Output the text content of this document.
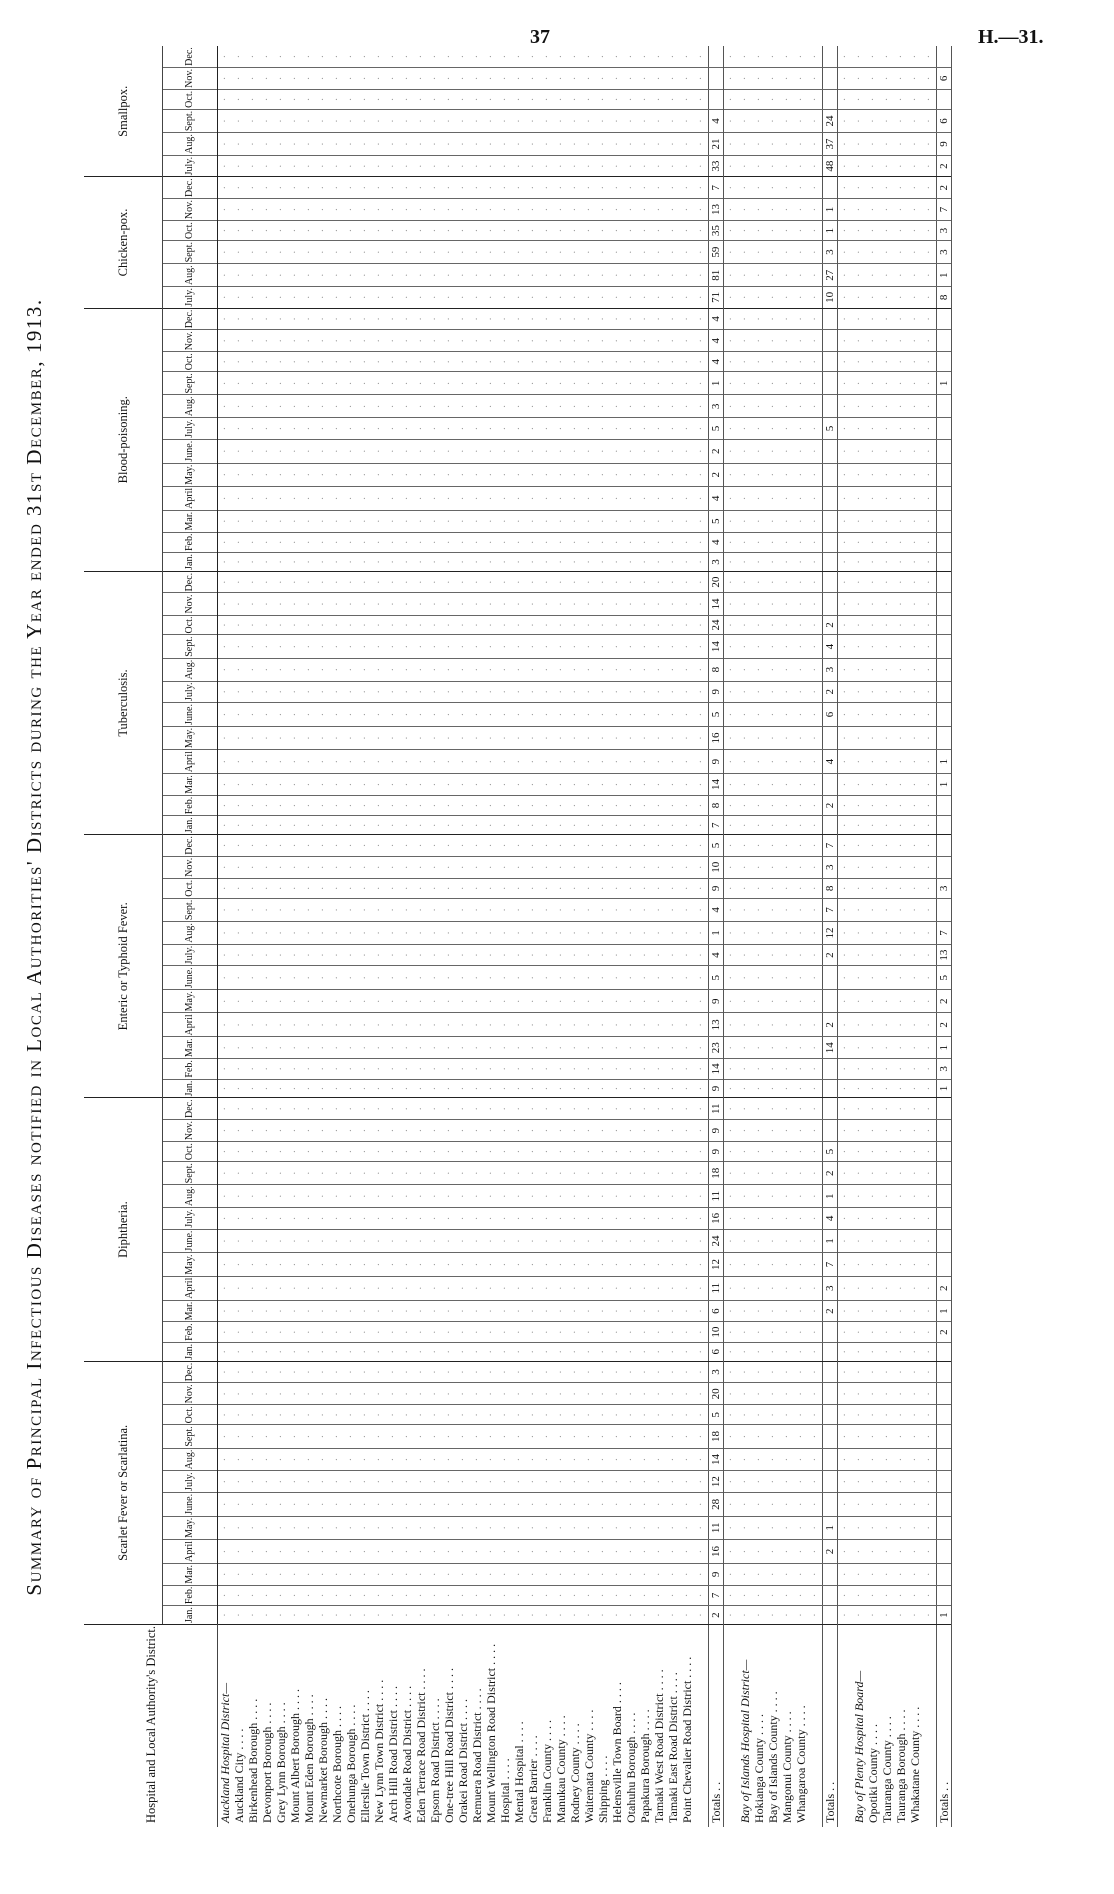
37	H.—31.
Summary of Principal Infectious Diseases notified in Local Authorities' Districts during the Year ended 31st December, 1913.
Hospital and Local Authority's District.	Scarlet Fever or Scarlatina.	Diphtheria.	Enteric or Typhoid Fever.	Tuberculosis.	Blood-poisoning.	Chicken-pox.	Smallpox.
Jan.	Feb.	Mar.	April	May.	June.	July.	Aug.	Sept.	Oct.	Nov.	Dec.	Jan.	Feb.	Mar.	April	May.	June.	July.	Aug.	Sept.	Oct.	Nov.	Dec.	Jan.	Feb.	Mar.	April	May.	June.	July.	Aug.	Sept.	Oct.	Nov.	Dec.	Jan.	Feb.	Mar.	April	May.	June.	July.	Aug.	Sept.	Oct.	Nov.	Dec.	Jan.	Feb.	Mar.	April	May.	June.	July.	Aug.	Sept.	Oct.	Nov.	Dec.	July.	Aug.	Sept.	Oct.	Nov.	Dec.	July.	Aug.	Sept.	Oct.	Nov.	Dec.
Auckland Hospital District—	·	·	·	·	·	·	·	·	·	·	·	·	·	·	·	·	·	·	·	·	·	·	·	·	·	·	·	·	·	·	·	·	·	·	·	·	·	·	·	·	·	·	·	·	·	·	·	·	·	·	·	·	·	·	·	·	·	·	·	·	·	·	·	·	·	·	·	·	·	·	·	·
Auckland City . . . .	·	·	·	·	·	·	·	·	·	·	·	·	·	·	·	·	·	·	·	·	·	·	·	·	·	·	·	·	·	·	·	·	·	·	·	·	·	·	·	·	·	·	·	·	·	·	·	·	·	·	·	·	·	·	·	·	·	·	·	·	·	·	·	·	·	·	·	·	·	·	·	·
Birkenhead Borough . . . .	·	·	·	·	·	·	·	·	·	·	·	·	·	·	·	·	·	·	·	·	·	·	·	·	·	·	·	·	·	·	·	·	·	·	·	·	·	·	·	·	·	·	·	·	·	·	·	·	·	·	·	·	·	·	·	·	·	·	·	·	·	·	·	·	·	·	·	·	·	·	·	·
Devonport Borough . . . .	·	·	·	·	·	·	·	·	·	·	·	·	·	·	·	·	·	·	·	·	·	·	·	·	·	·	·	·	·	·	·	·	·	·	·	·	·	·	·	·	·	·	·	·	·	·	·	·	·	·	·	·	·	·	·	·	·	·	·	·	·	·	·	·	·	·	·	·	·	·	·	·
Grey Lynn Borough . . . .	·	·	·	·	·	·	·	·	·	·	·	·	·	·	·	·	·	·	·	·	·	·	·	·	·	·	·	·	·	·	·	·	·	·	·	·	·	·	·	·	·	·	·	·	·	·	·	·	·	·	·	·	·	·	·	·	·	·	·	·	·	·	·	·	·	·	·	·	·	·	·	·
Mount Albert Borough . . . .	·	·	·	·	·	·	·	·	·	·	·	·	·	·	·	·	·	·	·	·	·	·	·	·	·	·	·	·	·	·	·	·	·	·	·	·	·	·	·	·	·	·	·	·	·	·	·	·	·	·	·	·	·	·	·	·	·	·	·	·	·	·	·	·	·	·	·	·	·	·	·	·
Mount Eden Borough . . . .	·	·	·	·	·	·	·	·	·	·	·	·	·	·	·	·	·	·	·	·	·	·	·	·	·	·	·	·	·	·	·	·	·	·	·	·	·	·	·	·	·	·	·	·	·	·	·	·	·	·	·	·	·	·	·	·	·	·	·	·	·	·	·	·	·	·	·	·	·	·	·	·
Newmarket Borough . . . .	·	·	·	·	·	·	·	·	·	·	·	·	·	·	·	·	·	·	·	·	·	·	·	·	·	·	·	·	·	·	·	·	·	·	·	·	·	·	·	·	·	·	·	·	·	·	·	·	·	·	·	·	·	·	·	·	·	·	·	·	·	·	·	·	·	·	·	·	·	·	·	·
Northcote Borough . . . .	·	·	·	·	·	·	·	·	·	·	·	·	·	·	·	·	·	·	·	·	·	·	·	·	·	·	·	·	·	·	·	·	·	·	·	·	·	·	·	·	·	·	·	·	·	·	·	·	·	·	·	·	·	·	·	·	·	·	·	·	·	·	·	·	·	·	·	·	·	·	·	·
Onehunga Borough . . . .	·	·	·	·	·	·	·	·	·	·	·	·	·	·	·	·	·	·	·	·	·	·	·	·	·	·	·	·	·	·	·	·	·	·	·	·	·	·	·	·	·	·	·	·	·	·	·	·	·	·	·	·	·	·	·	·	·	·	·	·	·	·	·	·	·	·	·	·	·	·	·	·
Ellerslie Town District . . . .	·	·	·	·	·	·	·	·	·	·	·	·	·	·	·	·	·	·	·	·	·	·	·	·	·	·	·	·	·	·	·	·	·	·	·	·	·	·	·	·	·	·	·	·	·	·	·	·	·	·	·	·	·	·	·	·	·	·	·	·	·	·	·	·	·	·	·	·	·	·	·	·
New Lynn Town District . . . .	·	·	·	·	·	·	·	·	·	·	·	·	·	·	·	·	·	·	·	·	·	·	·	·	·	·	·	·	·	·	·	·	·	·	·	·	·	·	·	·	·	·	·	·	·	·	·	·	·	·	·	·	·	·	·	·	·	·	·	·	·	·	·	·	·	·	·	·	·	·	·	·
Arch Hill Road District . . . .	·	·	·	·	·	·	·	·	·	·	·	·	·	·	·	·	·	·	·	·	·	·	·	·	·	·	·	·	·	·	·	·	·	·	·	·	·	·	·	·	·	·	·	·	·	·	·	·	·	·	·	·	·	·	·	·	·	·	·	·	·	·	·	·	·	·	·	·	·	·	·	·
Avondale Road District . . . .	·	·	·	·	·	·	·	·	·	·	·	·	·	·	·	·	·	·	·	·	·	·	·	·	·	·	·	·	·	·	·	·	·	·	·	·	·	·	·	·	·	·	·	·	·	·	·	·	·	·	·	·	·	·	·	·	·	·	·	·	·	·	·	·	·	·	·	·	·	·	·	·
Eden Terrace Road District . . . .	·	·	·	·	·	·	·	·	·	·	·	·	·	·	·	·	·	·	·	·	·	·	·	·	·	·	·	·	·	·	·	·	·	·	·	·	·	·	·	·	·	·	·	·	·	·	·	·	·	·	·	·	·	·	·	·	·	·	·	·	·	·	·	·	·	·	·	·	·	·	·	·
Epsom Road District . . . .	·	·	·	·	·	·	·	·	·	·	·	·	·	·	·	·	·	·	·	·	·	·	·	·	·	·	·	·	·	·	·	·	·	·	·	·	·	·	·	·	·	·	·	·	·	·	·	·	·	·	·	·	·	·	·	·	·	·	·	·	·	·	·	·	·	·	·	·	·	·	·	·
One-tree Hill Road District . . . .	·	·	·	·	·	·	·	·	·	·	·	·	·	·	·	·	·	·	·	·	·	·	·	·	·	·	·	·	·	·	·	·	·	·	·	·	·	·	·	·	·	·	·	·	·	·	·	·	·	·	·	·	·	·	·	·	·	·	·	·	·	·	·	·	·	·	·	·	·	·	·	·
Orakei Road District . . . .	·	·	·	·	·	·	·	·	·	·	·	·	·	·	·	·	·	·	·	·	·	·	·	·	·	·	·	·	·	·	·	·	·	·	·	·	·	·	·	·	·	·	·	·	·	·	·	·	·	·	·	·	·	·	·	·	·	·	·	·	·	·	·	·	·	·	·	·	·	·	·	·
Remuera Road District . . . .	·	·	·	·	·	·	·	·	·	·	·	·	·	·	·	·	·	·	·	·	·	·	·	·	·	·	·	·	·	·	·	·	·	·	·	·	·	·	·	·	·	·	·	·	·	·	·	·	·	·	·	·	·	·	·	·	·	·	·	·	·	·	·	·	·	·	·	·	·	·	·	·
Mount Wellington Road District . . . .	·	·	·	·	·	·	·	·	·	·	·	·	·	·	·	·	·	·	·	·	·	·	·	·	·	·	·	·	·	·	·	·	·	·	·	·	·	·	·	·	·	·	·	·	·	·	·	·	·	·	·	·	·	·	·	·	·	·	·	·	·	·	·	·	·	·	·	·	·	·	·	·
Hospital . . . .	·	·	·	·	·	·	·	·	·	·	·	·	·	·	·	·	·	·	·	·	·	·	·	·	·	·	·	·	·	·	·	·	·	·	·	·	·	·	·	·	·	·	·	·	·	·	·	·	·	·	·	·	·	·	·	·	·	·	·	·	·	·	·	·	·	·	·	·	·	·	·	·
Mental Hospital . . . .	·	·	·	·	·	·	·	·	·	·	·	·	·	·	·	·	·	·	·	·	·	·	·	·	·	·	·	·	·	·	·	·	·	·	·	·	·	·	·	·	·	·	·	·	·	·	·	·	·	·	·	·	·	·	·	·	·	·	·	·	·	·	·	·	·	·	·	·	·	·	·	·
Great Barrier . . . .	·	·	·	·	·	·	·	·	·	·	·	·	·	·	·	·	·	·	·	·	·	·	·	·	·	·	·	·	·	·	·	·	·	·	·	·	·	·	·	·	·	·	·	·	·	·	·	·	·	·	·	·	·	·	·	·	·	·	·	·	·	·	·	·	·	·	·	·	·	·	·	·
Franklin County . . . .	·	·	·	·	·	·	·	·	·	·	·	·	·	·	·	·	·	·	·	·	·	·	·	·	·	·	·	·	·	·	·	·	·	·	·	·	·	·	·	·	·	·	·	·	·	·	·	·	·	·	·	·	·	·	·	·	·	·	·	·	·	·	·	·	·	·	·	·	·	·	·	·
Manukau County . . . .	·	·	·	·	·	·	·	·	·	·	·	·	·	·	·	·	·	·	·	·	·	·	·	·	·	·	·	·	·	·	·	·	·	·	·	·	·	·	·	·	·	·	·	·	·	·	·	·	·	·	·	·	·	·	·	·	·	·	·	·	·	·	·	·	·	·	·	·	·	·	·	·
Rodney County . . . .	·	·	·	·	·	·	·	·	·	·	·	·	·	·	·	·	·	·	·	·	·	·	·	·	·	·	·	·	·	·	·	·	·	·	·	·	·	·	·	·	·	·	·	·	·	·	·	·	·	·	·	·	·	·	·	·	·	·	·	·	·	·	·	·	·	·	·	·	·	·	·	·
Waitemata County . . . .	·	·	·	·	·	·	·	·	·	·	·	·	·	·	·	·	·	·	·	·	·	·	·	·	·	·	·	·	·	·	·	·	·	·	·	·	·	·	·	·	·	·	·	·	·	·	·	·	·	·	·	·	·	·	·	·	·	·	·	·	·	·	·	·	·	·	·	·	·	·	·	·
Shipping . . . .	·	·	·	·	·	·	·	·	·	·	·	·	·	·	·	·	·	·	·	·	·	·	·	·	·	·	·	·	·	·	·	·	·	·	·	·	·	·	·	·	·	·	·	·	·	·	·	·	·	·	·	·	·	·	·	·	·	·	·	·	·	·	·	·	·	·	·	·	·	·	·	·
Helensville Town Board . . . .	·	·	·	·	·	·	·	·	·	·	·	·	·	·	·	·	·	·	·	·	·	·	·	·	·	·	·	·	·	·	·	·	·	·	·	·	·	·	·	·	·	·	·	·	·	·	·	·	·	·	·	·	·	·	·	·	·	·	·	·	·	·	·	·	·	·	·	·	·	·	·	·
Otahuhu Borough . . . .	·	·	·	·	·	·	·	·	·	·	·	·	·	·	·	·	·	·	·	·	·	·	·	·	·	·	·	·	·	·	·	·	·	·	·	·	·	·	·	·	·	·	·	·	·	·	·	·	·	·	·	·	·	·	·	·	·	·	·	·	·	·	·	·	·	·	·	·	·	·	·	·
Papakura Borough . . . .	·	·	·	·	·	·	·	·	·	·	·	·	·	·	·	·	·	·	·	·	·	·	·	·	·	·	·	·	·	·	·	·	·	·	·	·	·	·	·	·	·	·	·	·	·	·	·	·	·	·	·	·	·	·	·	·	·	·	·	·	·	·	·	·	·	·	·	·	·	·	·	·
Tamaki West Road District . . . .	·	·	·	·	·	·	·	·	·	·	·	·	·	·	·	·	·	·	·	·	·	·	·	·	·	·	·	·	·	·	·	·	·	·	·	·	·	·	·	·	·	·	·	·	·	·	·	·	·	·	·	·	·	·	·	·	·	·	·	·	·	·	·	·	·	·	·	·	·	·	·	·
Tamaki East Road District . . . .	·	·	·	·	·	·	·	·	·	·	·	·	·	·	·	·	·	·	·	·	·	·	·	·	·	·	·	·	·	·	·	·	·	·	·	·	·	·	·	·	·	·	·	·	·	·	·	·	·	·	·	·	·	·	·	·	·	·	·	·	·	·	·	·	·	·	·	·	·	·	·	·
Point Chevalier Road District . . . .	·	·	·	·	·	·	·	·	·	·	·	·	·	·	·	·	·	·	·	·	·	·	·	·	·	·	·	·	·	·	·	·	·	·	·	·	·	·	·	·	·	·	·	·	·	·	·	·	·	·	·	·	·	·	·	·	·	·	·	·	·	·	·	·	·	·	·	·	·	·	·	·
	·	·	·	·	·	·	·	·	·	·	·	·	·	·	·	·	·	·	·	·	·	·	·	·	·	·	·	·	·	·	·	·	·	·	·	·	·	·	·	·	·	·	·	·	·	·	·	·	·	·	·	·	·	·	·	·	·	·	·	·	·	·	·	·	·	·	·	·	·	·	·	·
Totals . .	2	7	9	16	11	28	12	14	18	5	20	3	6	10	6	11	12	24	16	11	18	9	9	11	9	14	23	13	9	5	4	1	4	9	10	5	7	8	14	9	16	5	9	8	14	24	14	20	3	4	5	4	2	2	5	3	1	4	4	4	71	81	59	35	13	7	33	21	4			
	·	·	·	·	·	·	·	·	·	·	·	·	·	·	·	·	·	·	·	·	·	·	·	·	·	·	·	·	·	·	·	·	·	·	·	·	·	·	·	·	·	·	·	·	·	·	·	·	·	·	·	·	·	·	·	·	·	·	·	·	·	·	·	·	·	·	·	·	·	·	·	·
Bay of Islands Hospital District—	·	·	·	·	·	·	·	·	·	·	·	·	·	·	·	·	·	·	·	·	·	·	·	·	·	·	·	·	·	·	·	·	·	·	·	·	·	·	·	·	·	·	·	·	·	·	·	·	·	·	·	·	·	·	·	·	·	·	·	·	·	·	·	·	·	·	·	·	·	·	·	·
Hokianga County . . . .	·	·	·	·	·	·	·	·	·	·	·	·	·	·	·	·	·	·	·	·	·	·	·	·	·	·	·	·	·	·	·	·	·	·	·	·	·	·	·	·	·	·	·	·	·	·	·	·	·	·	·	·	·	·	·	·	·	·	·	·	·	·	·	·	·	·	·	·	·	·	·	·
Bay of Islands County . . . .	·	·	·	·	·	·	·	·	·	·	·	·	·	·	·	·	·	·	·	·	·	·	·	·	·	·	·	·	·	·	·	·	·	·	·	·	·	·	·	·	·	·	·	·	·	·	·	·	·	·	·	·	·	·	·	·	·	·	·	·	·	·	·	·	·	·	·	·	·	·	·	·
Mangonui County . . . .	·	·	·	·	·	·	·	·	·	·	·	·	·	·	·	·	·	·	·	·	·	·	·	·	·	·	·	·	·	·	·	·	·	·	·	·	·	·	·	·	·	·	·	·	·	·	·	·	·	·	·	·	·	·	·	·	·	·	·	·	·	·	·	·	·	·	·	·	·	·	·	·
Whangaroa County . . . .	·	·	·	·	·	·	·	·	·	·	·	·	·	·	·	·	·	·	·	·	·	·	·	·	·	·	·	·	·	·	·	·	·	·	·	·	·	·	·	·	·	·	·	·	·	·	·	·	·	·	·	·	·	·	·	·	·	·	·	·	·	·	·	·	·	·	·	·	·	·	·	·
	·	·	·	·	·	·	·	·	·	·	·	·	·	·	·	·	·	·	·	·	·	·	·	·	·	·	·	·	·	·	·	·	·	·	·	·	·	·	·	·	·	·	·	·	·	·	·	·	·	·	·	·	·	·	·	·	·	·	·	·	·	·	·	·	·	·	·	·	·	·	·	·
Totals . .				2	1										2	3	7	1	4	1	2	5					14	2			2	12	7	8	3	7		2		4		6	2	3	4	2									5						10	27	3	1	1		48	37	24			
	·	·	·	·	·	·	·	·	·	·	·	·	·	·	·	·	·	·	·	·	·	·	·	·	·	·	·	·	·	·	·	·	·	·	·	·	·	·	·	·	·	·	·	·	·	·	·	·	·	·	·	·	·	·	·	·	·	·	·	·	·	·	·	·	·	·	·	·	·	·	·	·
Bay of Plenty Hospital Board—	·	·	·	·	·	·	·	·	·	·	·	·	·	·	·	·	·	·	·	·	·	·	·	·	·	·	·	·	·	·	·	·	·	·	·	·	·	·	·	·	·	·	·	·	·	·	·	·	·	·	·	·	·	·	·	·	·	·	·	·	·	·	·	·	·	·	·	·	·	·	·	·
Opotiki County . . . .	·	·	·	·	·	·	·	·	·	·	·	·	·	·	·	·	·	·	·	·	·	·	·	·	·	·	·	·	·	·	·	·	·	·	·	·	·	·	·	·	·	·	·	·	·	·	·	·	·	·	·	·	·	·	·	·	·	·	·	·	·	·	·	·	·	·	·	·	·	·	·	·
Tauranga County . . . .	·	·	·	·	·	·	·	·	·	·	·	·	·	·	·	·	·	·	·	·	·	·	·	·	·	·	·	·	·	·	·	·	·	·	·	·	·	·	·	·	·	·	·	·	·	·	·	·	·	·	·	·	·	·	·	·	·	·	·	·	·	·	·	·	·	·	·	·	·	·	·	·
Tauranga Borough . . . .	·	·	·	·	·	·	·	·	·	·	·	·	·	·	·	·	·	·	·	·	·	·	·	·	·	·	·	·	·	·	·	·	·	·	·	·	·	·	·	·	·	·	·	·	·	·	·	·	·	·	·	·	·	·	·	·	·	·	·	·	·	·	·	·	·	·	·	·	·	·	·	·
Whakatane County . . . .	·	·	·	·	·	·	·	·	·	·	·	·	·	·	·	·	·	·	·	·	·	·	·	·	·	·	·	·	·	·	·	·	·	·	·	·	·	·	·	·	·	·	·	·	·	·	·	·	·	·	·	·	·	·	·	·	·	·	·	·	·	·	·	·	·	·	·	·	·	·	·	·
	·	·	·	·	·	·	·	·	·	·	·	·	·	·	·	·	·	·	·	·	·	·	·	·	·	·	·	·	·	·	·	·	·	·	·	·	·	·	·	·	·	·	·	·	·	·	·	·	·	·	·	·	·	·	·	·	·	·	·	·	·	·	·	·	·	·	·	·	·	·	·	·
Totals . .	1													2	1	2									1	3	1	2	2	5	13	7		3					1	1																	1				8	1	3	3	7	2	2	9	6		6	
